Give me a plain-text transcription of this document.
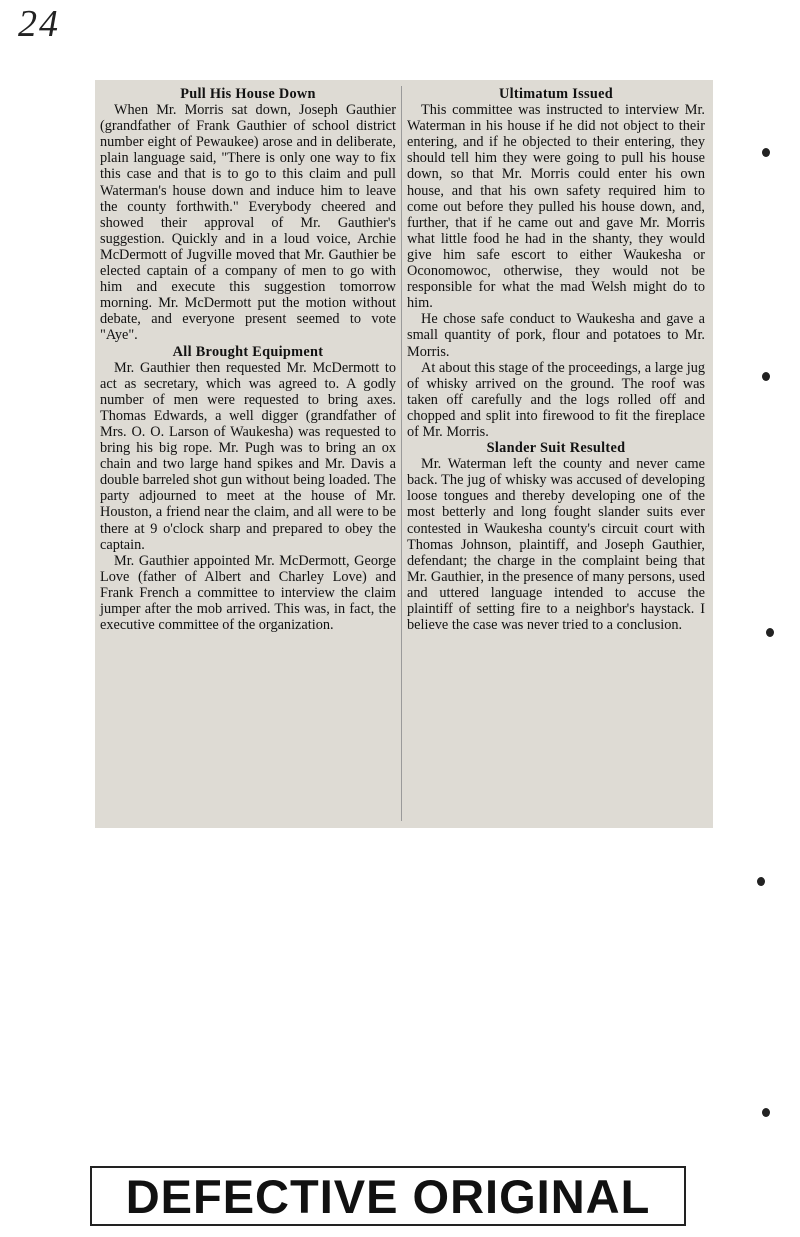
24
Pull His House Down

When Mr. Morris sat down, Joseph Gauthier (grandfather of Frank Gauthier of school district number eight of Pewaukee) arose and in deliberate, plain language said, "There is only one way to fix this case and that is to go to this claim and pull Waterman's house down and induce him to leave the county forthwith." Everybody cheered and showed their approval of Mr. Gauthier's suggestion. Quickly and in a loud voice, Archie McDermott of Jugville moved that Mr. Gauthier be elected captain of a company of men to go with him and execute this suggestion tomorrow morning. Mr. McDermott put the motion without debate, and everyone present seemed to vote "Aye".

All Brought Equipment

Mr. Gauthier then requested Mr. McDermott to act as secretary, which was agreed to. A godly number of men were requested to bring axes. Thomas Edwards, a well digger (grandfather of Mrs. O. O. Larson of Waukesha) was requested to bring his big rope. Mr. Pugh was to bring an ox chain and two large hand spikes and Mr. Davis a double barreled shot gun without being loaded. The party adjourned to meet at the house of Mr. Houston, a friend near the claim, and all were to be there at 9 o'clock sharp and prepared to obey the captain.

Mr. Gauthier appointed Mr. McDermott, George Love (father of Albert and Charley Love) and Frank French a committee to interview the claim jumper after the mob arrived. This was, in fact, the executive committee of the organization.

Ultimatum Issued

This committee was instructed to interview Mr. Waterman in his house if he did not object to their entering, and if he objected to their entering, they should tell him they were going to pull his house down, so that Mr. Morris could enter his own house, and that his own safety required him to come out before they pulled his house down, and, further, that if he came out and gave Mr. Morris what little food he had in the shanty, they would give him safe escort to either Waukesha or Oconomowoc, otherwise, they would not be responsible for what the mad Welsh might do to him.

He chose safe conduct to Waukesha and gave a small quantity of pork, flour and potatoes to Mr. Morris.

At about this stage of the proceedings, a large jug of whisky arrived on the ground. The roof was taken off carefully and the logs rolled off and chopped and split into firewood to fit the fireplace of Mr. Morris.

Slander Suit Resulted

Mr. Waterman left the county and never came back. The jug of whisky was accused of developing loose tongues and thereby developing one of the most betterly and long fought slander suits ever contested in Waukesha county's circuit court with Thomas Johnson, plaintiff, and Joseph Gauthier, defendant; the charge in the complaint being that Mr. Gauthier, in the presence of many persons, used and uttered language intended to accuse the plaintiff of setting fire to a neighbor's haystack. I believe the case was never tried to a conclusion.

DEFECTIVE ORIGINAL
